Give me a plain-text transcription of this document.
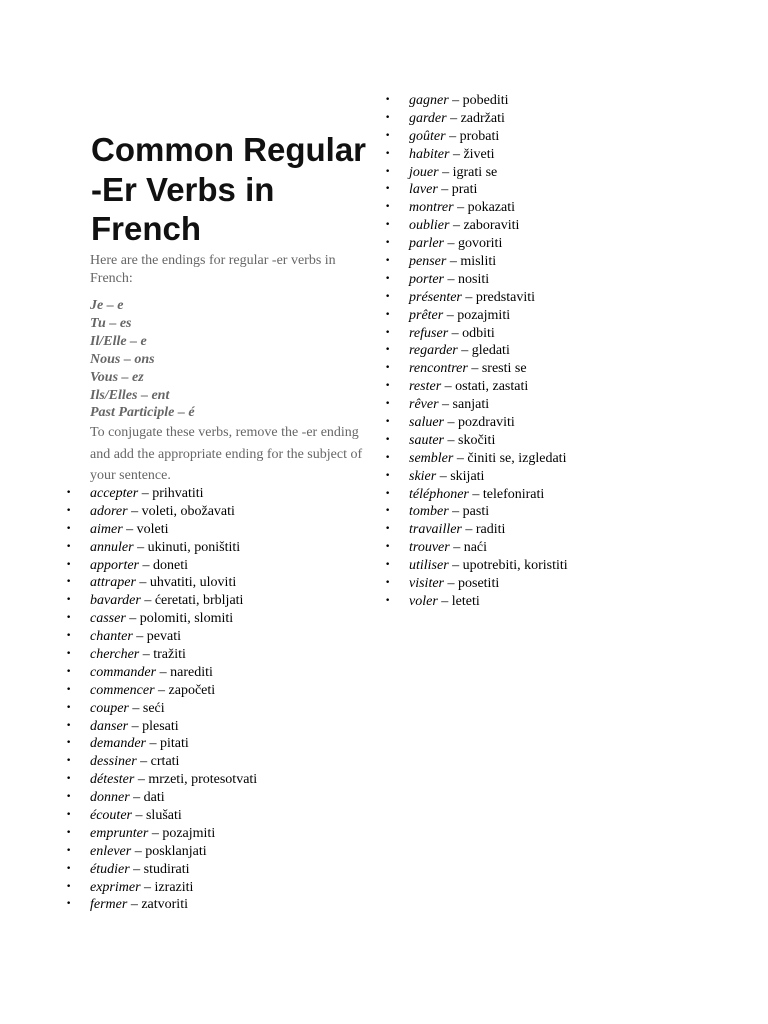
Common Regular -Er Verbs in French

Here are the endings for regular -er verbs in French:

Je – e
Tu – es
Il/Elle – e
Nous – ons
Vous – ez
Ils/Elles – ent
Past Participle – é

To conjugate these verbs, remove the -er ending and add the appropriate ending for the subject of your sentence.

• accepter – prihvatiti
• adorer – voleti, obožavati
• aimer – voleti
• annuler – ukinuti, poništiti
• apporter – doneti
• attraper – uhvatiti, uloviti
• bavarder – ćeretati, brbljati
• casser – polomiti, slomiti
• chanter – pevati
• chercher – tražiti
• commander – narediti
• commencer – započeti
• couper – seći
• danser – plesati
• demander – pitati
• dessiner – crtati
• détester – mrzeti, protesotvati
• donner – dati
• écouter – slušati
• emprunter – pozajmiti
• enlever – posklanjati
• étudier – studirati
• exprimer – izraziti
• fermer – zatvoriti
• gagner – pobediti
• garder – zadržati
• goûter – probati
• habiter – živeti
• jouer – igrati se
• laver – prati
• montrer – pokazati
• oublier – zaboraviti
• parler – govoriti
• penser – misliti
• porter – nositi
• présenter – predstaviti
• prêter – pozajmiti
• refuser – odbiti
• regarder – gledati
• rencontrer – sresti se
• rester – ostati, zastati
• rêver – sanjati
• saluer – pozdraviti
• sauter – skočiti
• sembler – činiti se, izgledati
• skier – skijati
• téléphoner – telefonirati
• tomber – pasti
• travailler – raditi
• trouver – naći
• utiliser – upotrebiti, koristiti
• visiter – posetiti
• voler – leteti
